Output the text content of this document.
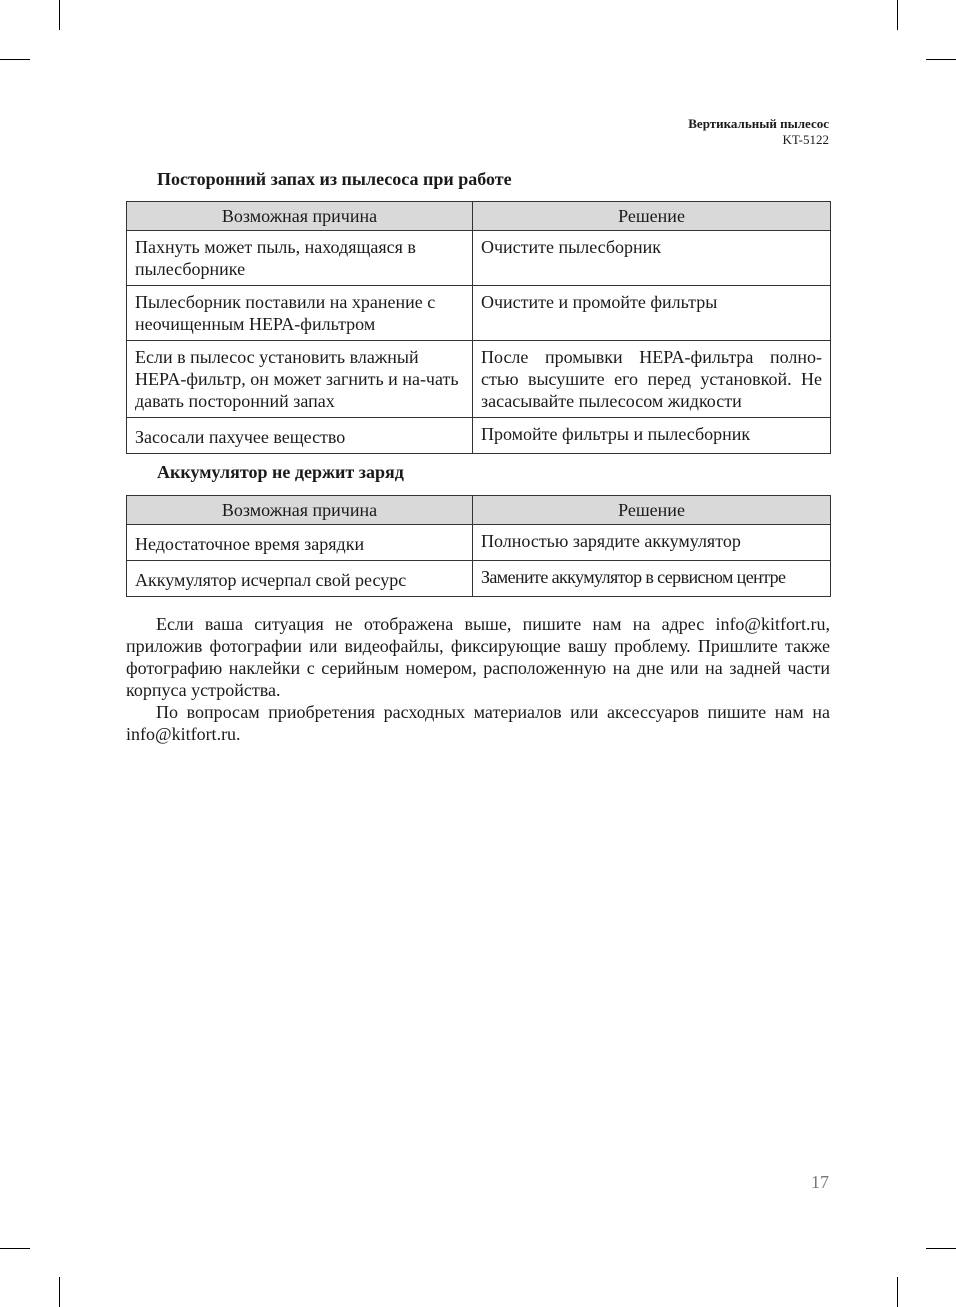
Вертикальный пылесос
KT-5122
Посторонний запах из пылесоса при работе
Возможная причина	Решение
Пахнуть может пыль, находящаяся в пылесборнике	Очистите пылесборник
Пылесборник поставили на хранение с неочищенным HEPA-фильтром	Очистите и промойте фильтры
Если в пылесос установить влажный HEPA-фильтр, он может загнить и на-чать давать посторонний запах	После промывки HEPA-фильтра полно-стью высушите его перед установкой. Не засасывайте пылесосом жидкости
Засосали пахучее вещество	Промойте фильтры и пылесборник
Аккумулятор не держит заряд
Возможная причина	Решение
Недостаточное время зарядки	Полностью зарядите аккумулятор
Аккумулятор исчерпал свой ресурс	Замените аккумулятор в сервисном центре

Если ваша ситуация не отображена выше, пишите нам на адрес info@kitfort.ru, приложив фотографии или видеофайлы, фиксирующие вашу проблему. Пришлите также фотографию наклейки с серийным номером, расположенную на дне или на задней части корпуса устройства.

По вопросам приобретения расходных материалов или аксессуаров пишите нам на info@kitfort.ru.

17
